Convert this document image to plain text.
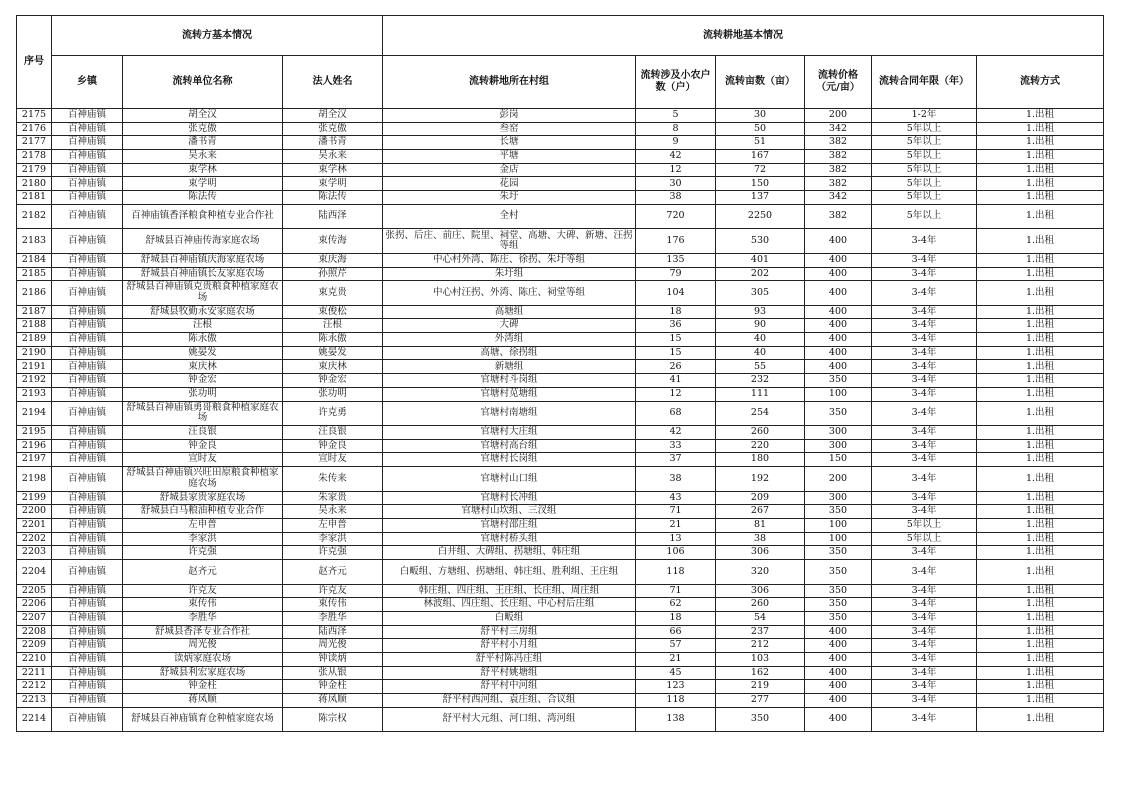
序号	流转方基本情况			流转耕地基本情况					
	乡镇	流转单位名称	法人姓名	流转耕地所在村组	流转涉及小农户数（户）	流转亩数（亩）	流转价格（元/亩）	流转合同年限（年）	流转方式
2175	百神庙镇	胡全汉	胡全汉	彭岗	5	30	200	1-2年	1.出租
2176	百神庙镇	张克傲	张克傲	叁窑	8	50	342	5年以上	1.出租
2177	百神庙镇	潘书青	潘书青	长塘	9	51	382	5年以上	1.出租
2178	百神庙镇	吴永来	吴永来	平塘	42	167	382	5年以上	1.出租
2179	百神庙镇	束学林	束学林	金店	12	72	382	5年以上	1.出租
2180	百神庙镇	束学明	束学明	花园	30	150	382	5年以上	1.出租
2181	百神庙镇	陈法传	陈法传	朱圩	38	137	342	5年以上	1.出租
2182	百神庙镇	百神庙镇香泽粮食种植专业合作社	陆西泽	全村	720	2250	382	5年以上	1.出租
2183	百神庙镇	舒城县百神庙传海家庭农场	束传海	张拐、后庄、前庄、院里、祠堂、高塘、大碑、新塘、汪拐等组	176	530	400	3-4年	1.出租
2184	百神庙镇	舒城县百神庙镇庆海家庭农场	束庆海	中心村外湾、陈庄、徐拐、朱圩等组	135	401	400	3-4年	1.出租
2185	百神庙镇	舒城县百神庙镇长友家庭农场	孙照芹	朱圩组	79	202	400	3-4年	1.出租
2186	百神庙镇	舒城县百神庙镇克贵粮食种植家庭农场	束克贵	中心村汪拐、外湾、陈庄、祠堂等组	104	305	400	3-4年	1.出租
2187	百神庙镇	舒城县牧勤永安家庭农场	束俊松	高塘组	18	93	400	3-4年	1.出租
2188	百神庙镇	汪根	汪根	大碑	36	90	400	3-4年	1.出租
2189	百神庙镇	陈永傲	陈永傲	外湾组	15	40	400	3-4年	1.出租
2190	百神庙镇	姚晏发	姚晏发	高塘、徐拐组	15	40	400	3-4年	1.出租
2191	百神庙镇	束庆林	束庆林	新塘组	26	55	400	3-4年	1.出租
2192	百神庙镇	钟金宏	钟金宏	官塘村斗岗组	41	232	350	3-4年	1.出租
2193	百神庙镇	张功明	张功明	官塘村苋塘组	12	111	100	3-4年	1.出租
2194	百神庙镇	舒城县百神庙镇勇哥粮食种植家庭农场	许克勇	官塘村南塘组	68	254	350	3-4年	1.出租
2195	百神庙镇	汪良银	汪良银	官塘村大庄组	42	260	300	3-4年	1.出租
2196	百神庙镇	钟金良	钟金良	官塘村高台组	33	220	300	3-4年	1.出租
2197	百神庙镇	宣时友	宣时友	官塘村长岗组	37	180	150	3-4年	1.出租
2198	百神庙镇	舒城县百神庙镇兴旺田原粮食种植家庭农场	朱传来	官塘村山口组	38	192	200	3-4年	1.出租
2199	百神庙镇	舒城县家贵家庭农场	朱家贵	官塘村长冲组	43	209	300	3-4年	1.出租
2200	百神庙镇	舒城县白马粮油种植专业合作	吴永来	官塘村山坎组、三汊组	71	267	350	3-4年	1.出租
2201	百神庙镇	左申普	左申普	官塘村邵庄组	21	81	100	5年以上	1.出租
2202	百神庙镇	李家洪	李家洪	官塘村桥头组	13	38	100	5年以上	1.出租
2203	百神庙镇	许克强	许克强	白井组、大碑组、拐塘组、韩庄组	106	306	350	3-4年	1.出租
2204	百神庙镇	赵齐元	赵齐元	白畈组、方塘组、拐塘组、韩庄组、胜利组、王庄组	118	320	350	3-4年	1.出租
2205	百神庙镇	许克友	许克友	韩庄组、四庄组、王庄组、长庄组、周庄组	71	306	350	3-4年	1.出租
2206	百神庙镇	束传伟	束传伟	林波组、四庄组、长庄组、中心村后庄组	62	260	350	3-4年	1.出租
2207	百神庙镇	李胜华	李胜华	白畈组	18	54	350	3-4年	1.出租
2208	百神庙镇	舒城县香泽专业合作社	陆西泽	舒平村三房组	66	237	400	3-4年	1.出租
2209	百神庙镇	周光俊	周光俊	舒平村小月组	57	212	400	3-4年	1.出租
2210	百神庙镇	读炳家庭农场	钟读炳	舒平村陈冯庄组	21	103	400	3-4年	1.出租
2211	百神庙镇	舒城县利宏家庭农场	张从银	舒平村姚塘组	45	162	400	3-4年	1.出租
2212	百神庙镇	钟金柱	钟金柱	舒平村中河组	123	219	400	3-4年	1.出租
2213	百神庙镇	蒋凤顺	蒋凤顺	舒平村西河组、袁庄组、合议组	118	277	400	3-4年	1.出租
2214	百神庙镇	舒城县百神庙镇育仓种植家庭农场	陈宗权	舒平村大元组、河口组、湾河组	138	350	400	3-4年	1.出租
